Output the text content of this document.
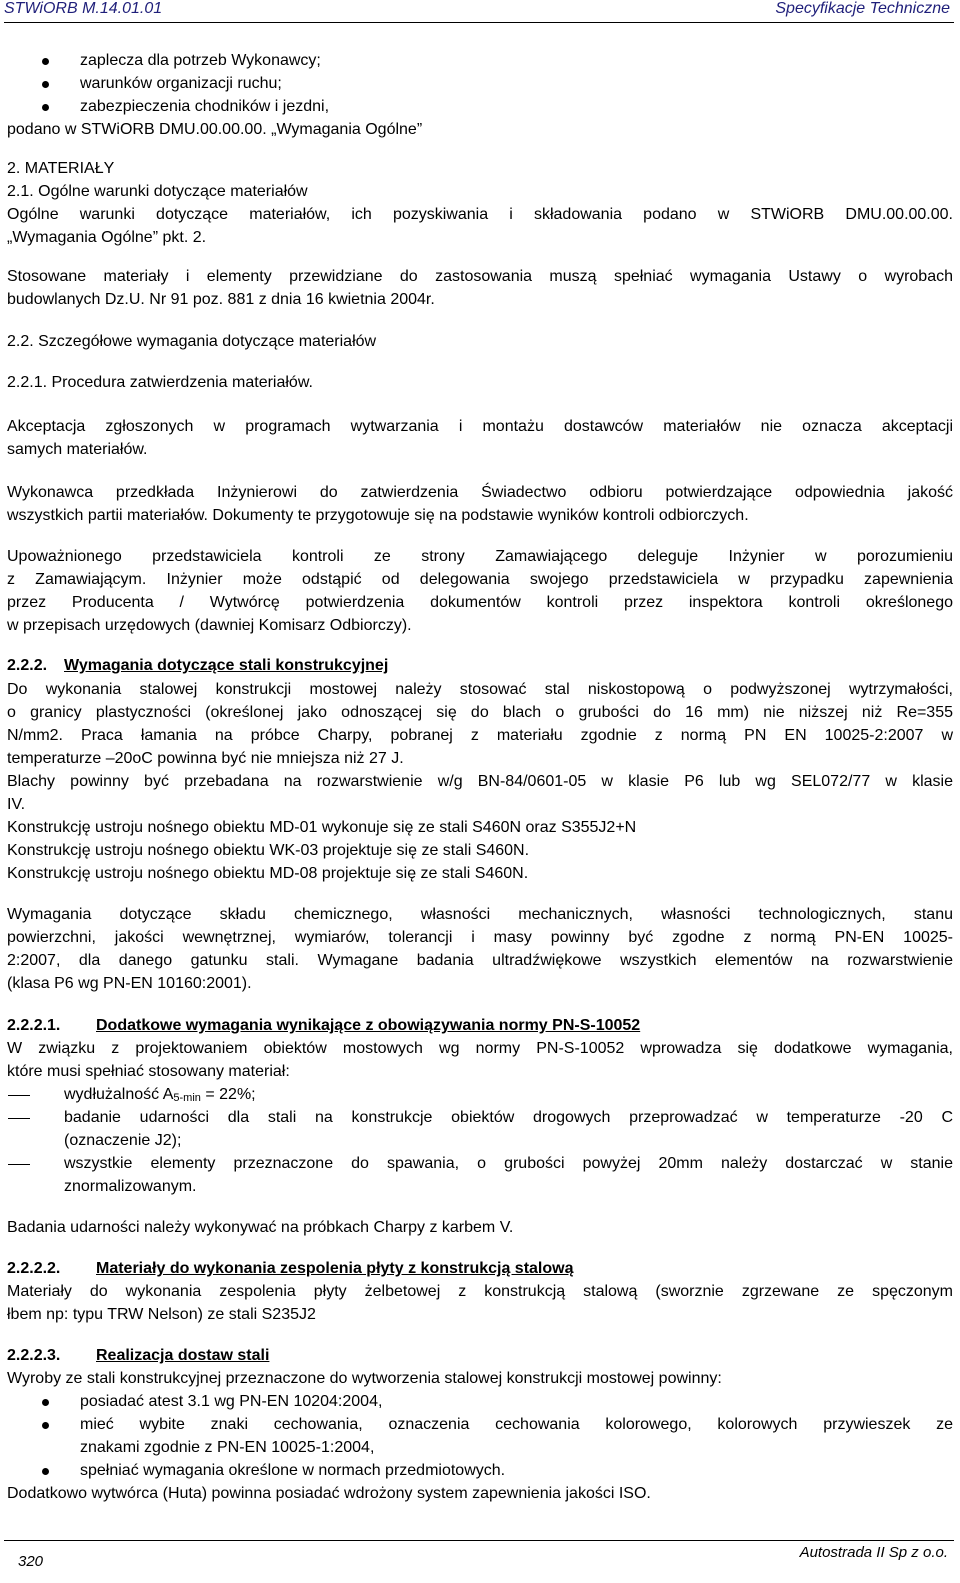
STWiORB M.14.01.01	Specyfikacje Techniczne
zaplecza dla potrzeb Wykonawcy;
warunków organizacji ruchu;
zabezpieczenia chodników i jezdni,
podano w STWiORB DMU.00.00.00. „Wymagania Ogólne”
2. MATERIAŁY
2.1. Ogólne warunki dotyczące materiałów
Ogólne warunki dotyczące materiałów, ich pozyskiwania i składowania podano w STWiORB DMU.00.00.00.
„Wymagania Ogólne” pkt. 2.
Stosowane materiały i elementy przewidziane do zastosowania muszą spełniać wymagania Ustawy o wyrobach
budowlanych Dz.U. Nr 91 poz. 881 z dnia 16 kwietnia 2004r.
2.2. Szczegółowe wymagania dotyczące materiałów
2.2.1. Procedura zatwierdzenia materiałów.
Akceptacja zgłoszonych w programach wytwarzania i montażu dostawców materiałów nie oznacza akceptacji
samych materiałów.
Wykonawca przedkłada Inżynierowi do zatwierdzenia Świadectwo odbioru potwierdzające odpowiednia jakość
wszystkich partii materiałów. Dokumenty te przygotowuje się na podstawie wyników kontroli odbiorczych.
Upoważnionego przedstawiciela kontroli ze strony Zamawiającego deleguje Inżynier w porozumieniu
z Zamawiającym. Inżynier może odstąpić od delegowania swojego przedstawiciela w przypadku zapewnienia
przez Producenta / Wytwórcę potwierdzenia dokumentów kontroli przez inspektora kontroli określonego
w przepisach urzędowych (dawniej Komisarz Odbiorczy).
2.2.2. Wymagania dotyczące stali konstrukcyjnej
Do wykonania stalowej konstrukcji mostowej należy stosować stal niskostopową o podwyższonej wytrzymałości,
o granicy plastyczności (określonej jako odnoszącej się do blach o grubości do 16 mm) nie niższej niż Re=355
N/mm2. Praca łamania na próbce Charpy, pobranej z materiału zgodnie z normą PN EN 10025-2:2007 w
temperaturze –20oC powinna być nie mniejsza niż 27 J.
Blachy powinny być przebadana na rozwarstwienie w/g BN-84/0601-05 w klasie P6 lub wg SEL072/77 w klasie
IV.
Konstrukcję ustroju nośnego obiektu MD-01 wykonuje się ze stali S460N oraz S355J2+N
Konstrukcję ustroju nośnego obiektu WK-03 projektuje się ze stali S460N.
Konstrukcję ustroju nośnego obiektu MD-08 projektuje się ze stali S460N.
Wymagania dotyczące składu chemicznego, własności mechanicznych, własności technologicznych, stanu
powierzchni, jakości wewnętrznej, wymiarów, tolerancji i masy powinny być zgodne z normą PN-EN 10025-
2:2007, dla danego gatunku stali. Wymagane badania ultradźwiękowe wszystkich elementów na rozwarstwienie
(klasa P6 wg PN-EN 10160:2001).
2.2.2.1. Dodatkowe wymagania wynikające z obowiązywania normy PN-S-10052
W związku z projektowaniem obiektów mostowych wg normy PN-S-10052 wprowadza się dodatkowe wymagania,
które musi spełniać stosowany materiał:
wydłużalność $A_{5-min} = 22\%$;
badanie udarności dla stali na konstrukcje obiektów drogowych przeprowadzać w temperaturze -20 C
(oznaczenie J2);
wszystkie elementy przeznaczone do spawania, o grubości powyżej 20mm należy dostarczać w stanie
znormalizowanym.
Badania udarności należy wykonywać na próbkach Charpy z karbem V.
2.2.2.2. Materiały do wykonania zespolenia płyty z konstrukcją stalową
Materiały do wykonania zespolenia płyty żelbetowej z konstrukcją stalową (sworznie zgrzewane ze spęczonym
łbem np: typu TRW Nelson) ze stali S235J2
2.2.2.3. Realizacja dostaw stali
Wyroby ze stali konstrukcyjnej przeznaczone do wytworzenia stalowej konstrukcji mostowej powinny:
posiadać atest 3.1 wg PN-EN 10204:2004,
mieć wybite znaki cechowania, oznaczenia cechowania kolorowego, kolorowych przywieszek ze
znakami zgodnie z PN-EN 10025-1:2004,
spełniać wymagania określone w normach przedmiotowych.
Dodatkowo wytwórca (Huta) powinna posiadać wdrożony system zapewnienia jakości ISO.
320
Autostrada II Sp z o.o.
